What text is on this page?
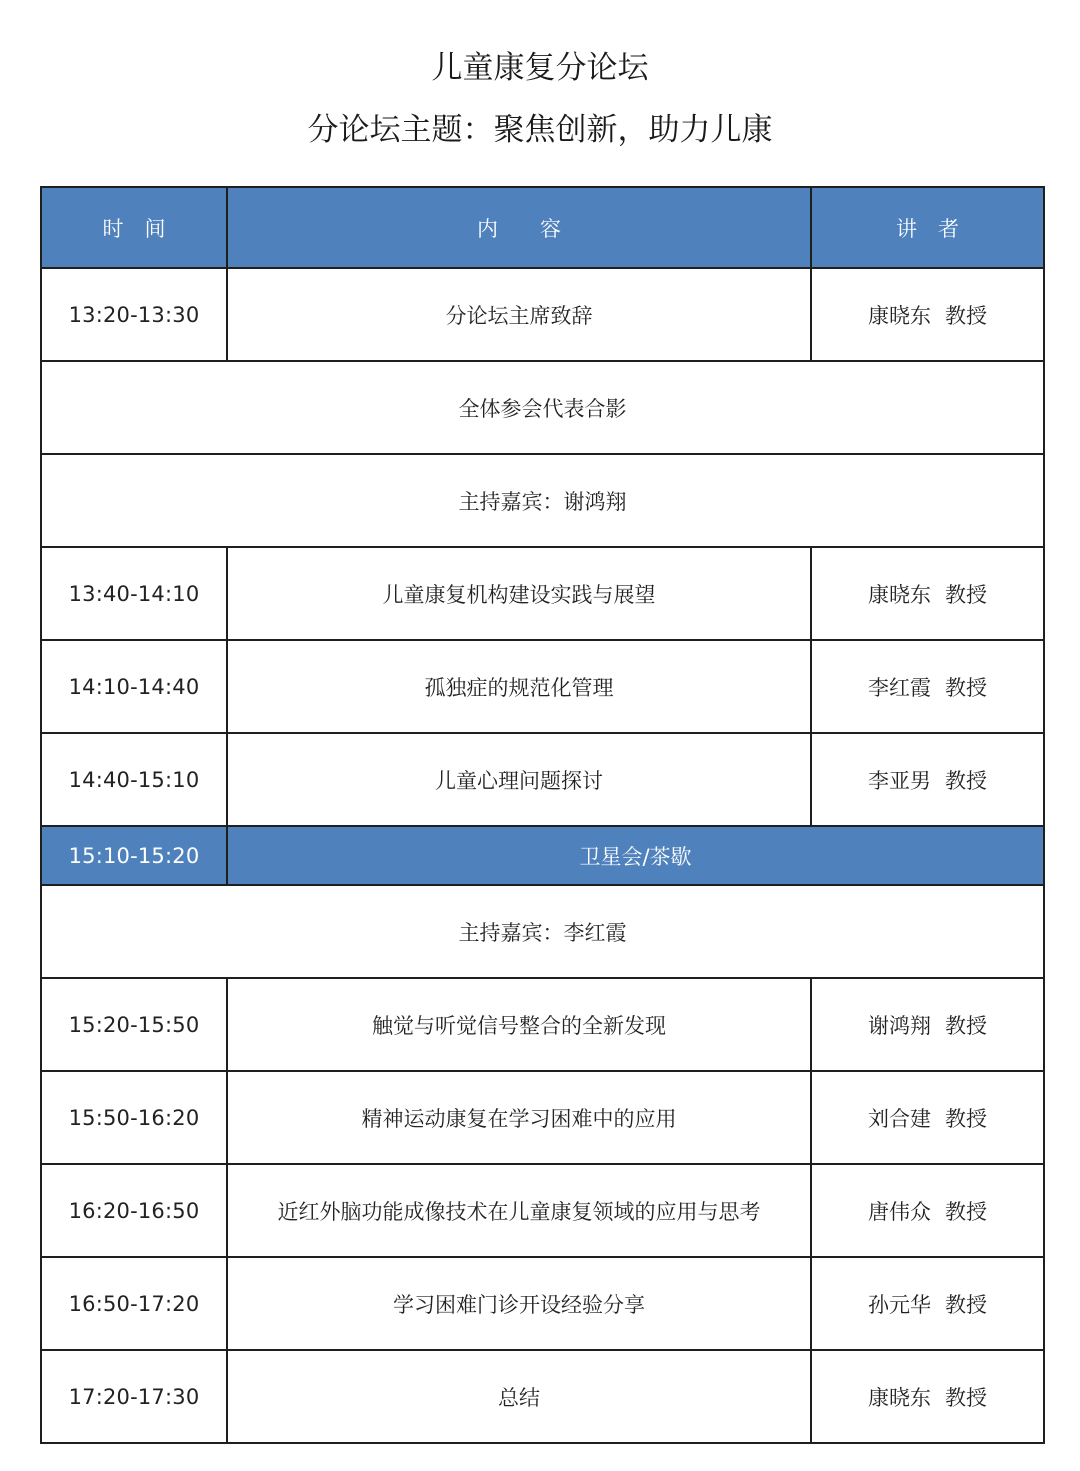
儿童康复分论坛
分论坛主题：聚焦创新，助力儿康
时　间	内　　容	讲　者
13:20-13:30	分论坛主席致辞	康晓东 教授
全体参会代表合影		
主持嘉宾：谢鸿翔		
13:40-14:10	儿童康复机构建设实践与展望	康晓东 教授
14:10-14:40	孤独症的规范化管理	李红霞 教授
14:40-15:10	儿童心理问题探讨	李亚男 教授
15:10-15:20	卫星会/茶歇	
主持嘉宾：李红霞		
15:20-15:50	触觉与听觉信号整合的全新发现	谢鸿翔 教授
15:50-16:20	精神运动康复在学习困难中的应用	刘合建 教授
16:20-16:50	近红外脑功能成像技术在儿童康复领域的应用与思考	唐伟众 教授
16:50-17:20	学习困难门诊开设经验分享	孙元华 教授
17:20-17:30	总结	康晓东 教授
